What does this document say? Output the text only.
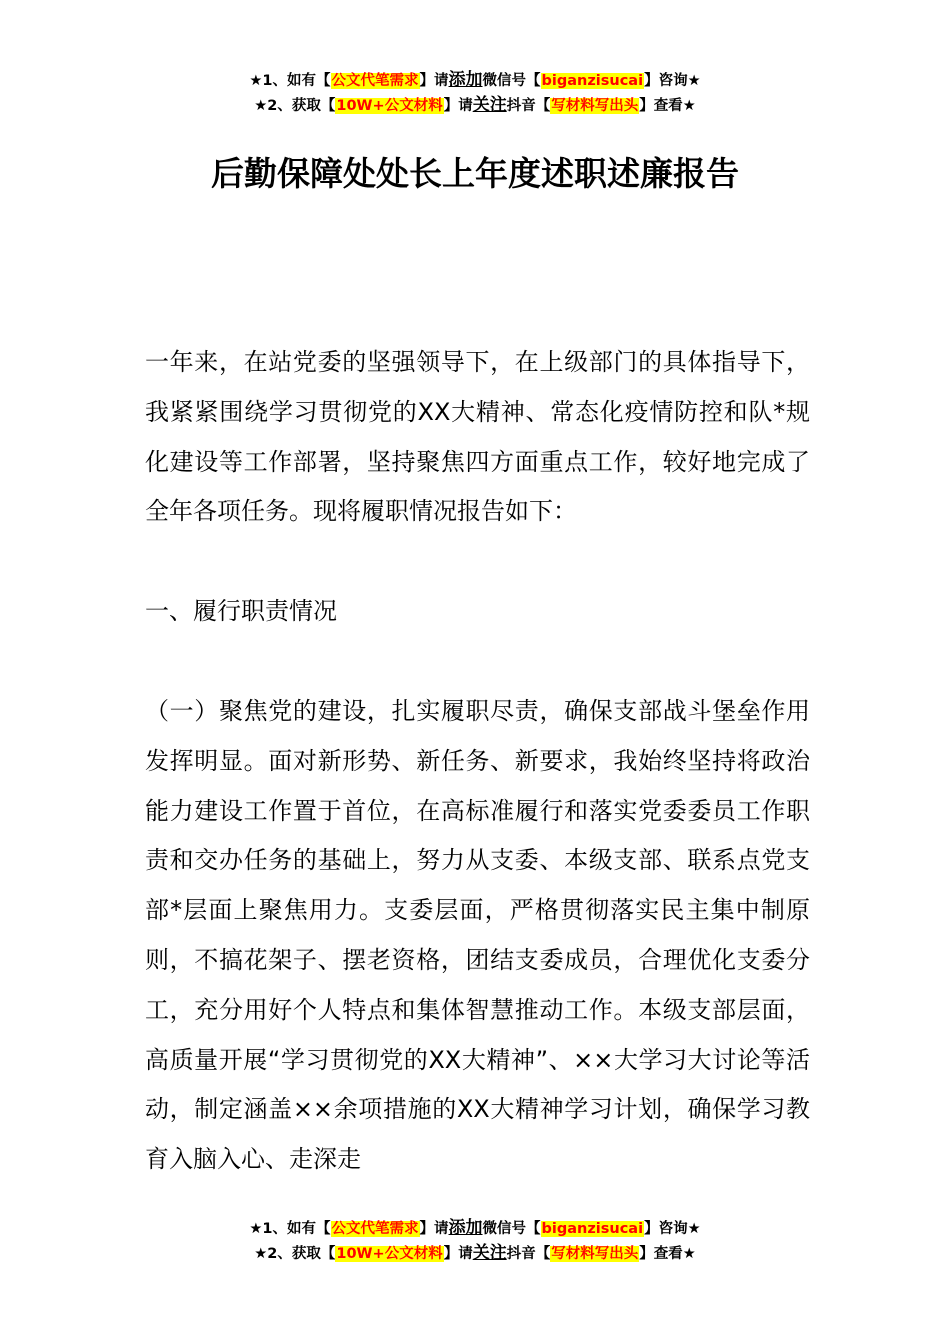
★1、如有【公文代笔需求】请添加微信号【biganzisucai】咨询★
★2、获取【10W+公文材料】请关注抖音【写材料写出头】查看★
后勤保障处处长上年度述职述廉报告

一年来，在站党委的坚强领导下，在上级部门的具体指导下，我紧紧围绕学习贯彻党的XX大精神、常态化疫情防控和队*规化建设等工作部署，坚持聚焦四方面重点工作，较好地完成了全年各项任务。现将履职情况报告如下：

一、履行职责情况

（一）聚焦党的建设，扎实履职尽责，确保支部战斗堡垒作用发挥明显。面对新形势、新任务、新要求，我始终坚持将政治能力建设工作置于首位，在高标准履行和落实党委委员工作职责和交办任务的基础上，努力从支委、本级支部、联系点党支部*层面上聚焦用力。支委层面，严格贯彻落实民主集中制原则，不搞花架子、摆老资格，团结支委成员，合理优化支委分工，充分用好个人特点和集体智慧推动工作。本级支部层面，高质量开展“学习贯彻党的XX大精神”、××大学习大讨论等活动，制定涵盖××余项措施的XX大精神学习计划，确保学习教育入脑入心、走深走

★1、如有【公文代笔需求】请添加微信号【biganzisucai】咨询★
★2、获取【10W+公文材料】请关注抖音【写材料写出头】查看★
